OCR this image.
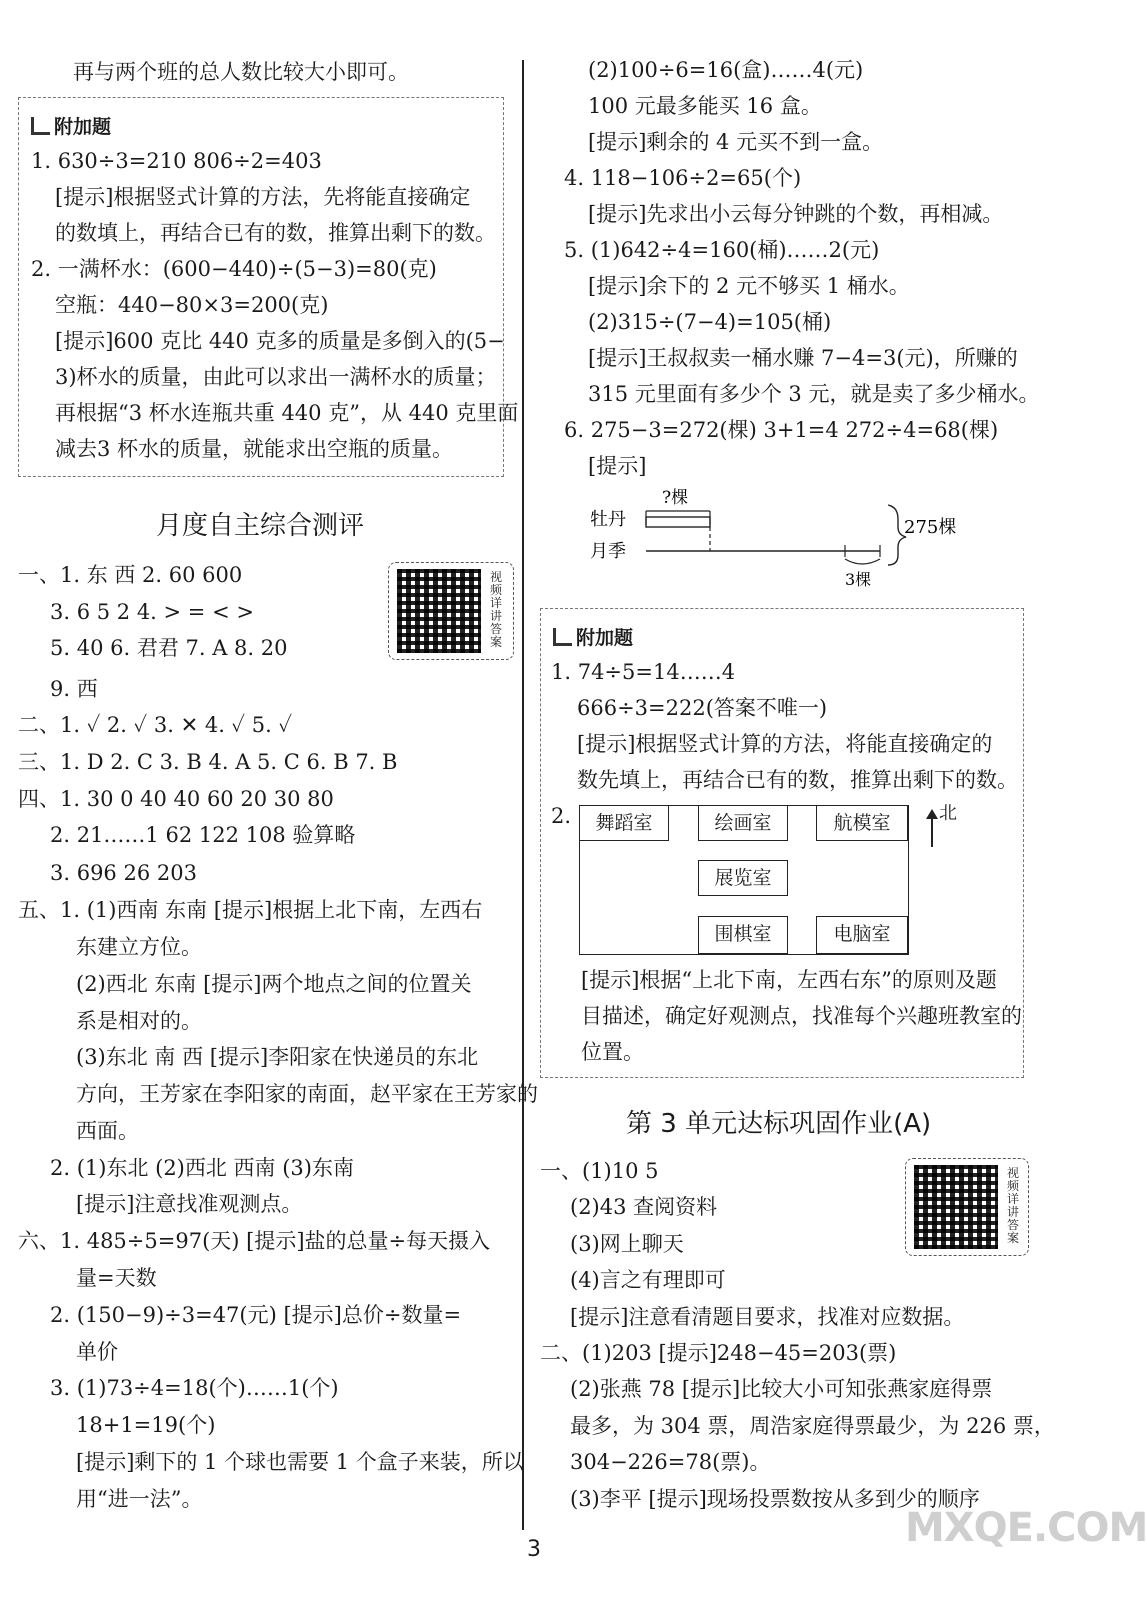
再与两个班的总人数比较大小即可。
附加题
1. 630÷3=210 806÷2=403
[提示]根据竖式计算的方法，先将能直接确定
的数填上，再结合已有的数，推算出剩下的数。
2. 一满杯水：(600−440)÷(5−3)=80(克)
空瓶：440−80×3=200(克)
[提示]600 克比 440 克多的质量是多倒入的(5−
3)杯水的质量，由此可以求出一满杯水的质量；
再根据“3 杯水连瓶共重 440 克”，从 440 克里面
减去3 杯水的质量，就能求出空瓶的质量。
月度自主综合测评
视频详讲答案
一、1. 东 西 2. 60 600
3. 6 5 2 4. > = < >
5. 40 6. 君君 7. A 8. 20
9. 西
二、1. ✓ 2. ✓ 3. ✕ 4. ✓ 5. ✓
三、1. D 2. C 3. B 4. A 5. C 6. B 7. B
四、1. 30 0 40 40 60 20 30 80
2. 21……1 62 122 108 验算略
3. 696 26 203
五、1. (1)西南 东南 [提示]根据上北下南，左西右
东建立方位。
(2)西北 东南 [提示]两个地点之间的位置关
系是相对的。
(3)东北 南 西 [提示]李阳家在快递员的东北
方向，王芳家在李阳家的南面，赵平家在王芳家的
西面。
2. (1)东北 (2)西北 西南 (3)东南
[提示]注意找准观测点。
六、1. 485÷5=97(天) [提示]盐的总量÷每天摄入
量=天数
2. (150−9)÷3=47(元) [提示]总价÷数量=
单价
3. (1)73÷4=18(个)……1(个)
18+1=19(个)
[提示]剩下的 1 个球也需要 1 个盒子来装，所以
用“进一法”。
(2)100÷6=16(盒)……4(元)
100 元最多能买 16 盒。
[提示]剩余的 4 元买不到一盒。
4. 118−106÷2=65(个)
[提示]先求出小云每分钟跳的个数，再相减。
5. (1)642÷4=160(桶)……2(元)
[提示]余下的 2 元不够买 1 桶水。
(2)315÷(7−4)=105(桶)
[提示]王叔叔卖一桶水赚 7−4=3(元)，所赚的
315 元里面有多少个 3 元，就是卖了多少桶水。
6. 275−3=272(棵) 3+1=4 272÷4=68(棵)
[提示]
牡丹
月季
?棵
3棵
275棵
附加题
1. 74÷5=14……4
666÷3=222(答案不唯一)
[提示]根据竖式计算的方法，将能直接确定的
数先填上，再结合已有的数，推算出剩下的数。
2.	舞蹈室	绘画室	航模室
展览室
围棋室	电脑室
北
[提示]根据“上北下南，左西右东”的原则及题
目描述，确定好观测点，找准每个兴趣班教室的
位置。
第 3 单元达标巩固作业(A)
视频详讲答案
一、(1)10 5
(2)43 查阅资料
(3)网上聊天
(4)言之有理即可
[提示]注意看清题目要求，找准对应数据。
二、(1)203 [提示]248−45=203(票)
(2)张燕 78 [提示]比较大小可知张燕家庭得票
最多，为 304 票，周浩家庭得票最少，为 226 票，
304−226=78(票)。
(3)李平 [提示]现场投票数按从多到少的顺序
3	MXQE.COM
